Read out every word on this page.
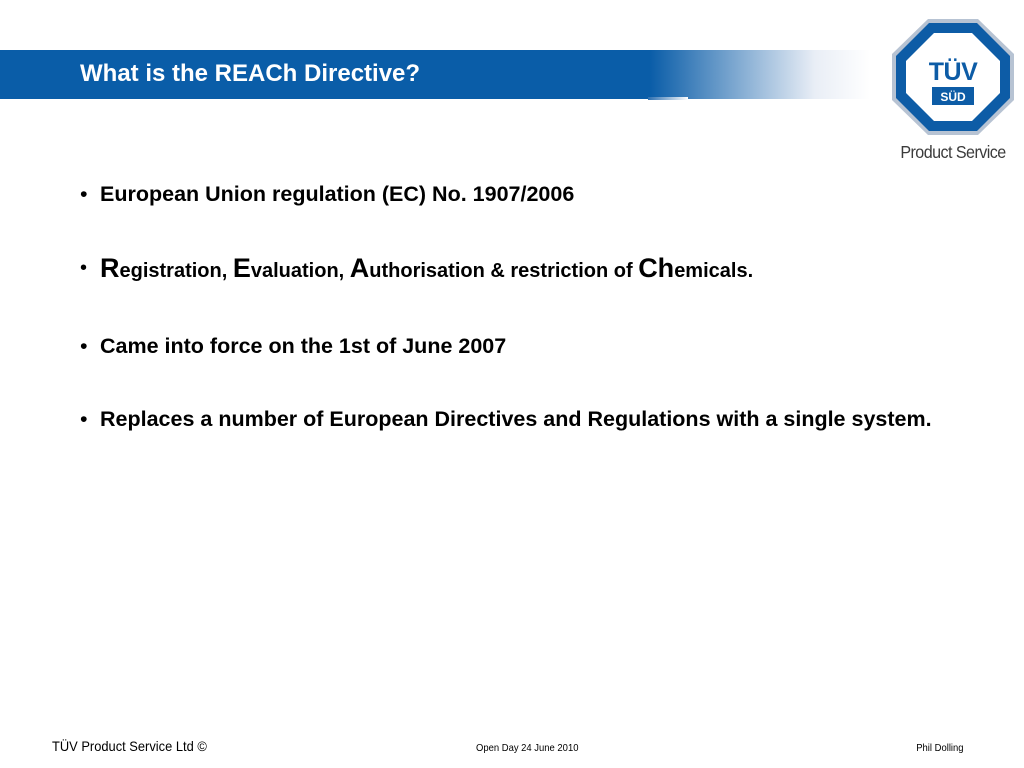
What is the REACh Directive?	TÜV
SÜD
Product Service
• European Union regulation (EC) No. 1907/2006
• Registration, Evaluation, Authorisation & restriction of Chemicals.
• Came into force on the 1st of June 2007
• Replaces a number of European Directives and Regulations with a single system.
TÜV Product Service Ltd ©	Open Day 24 June 2010	Phil Dolling
